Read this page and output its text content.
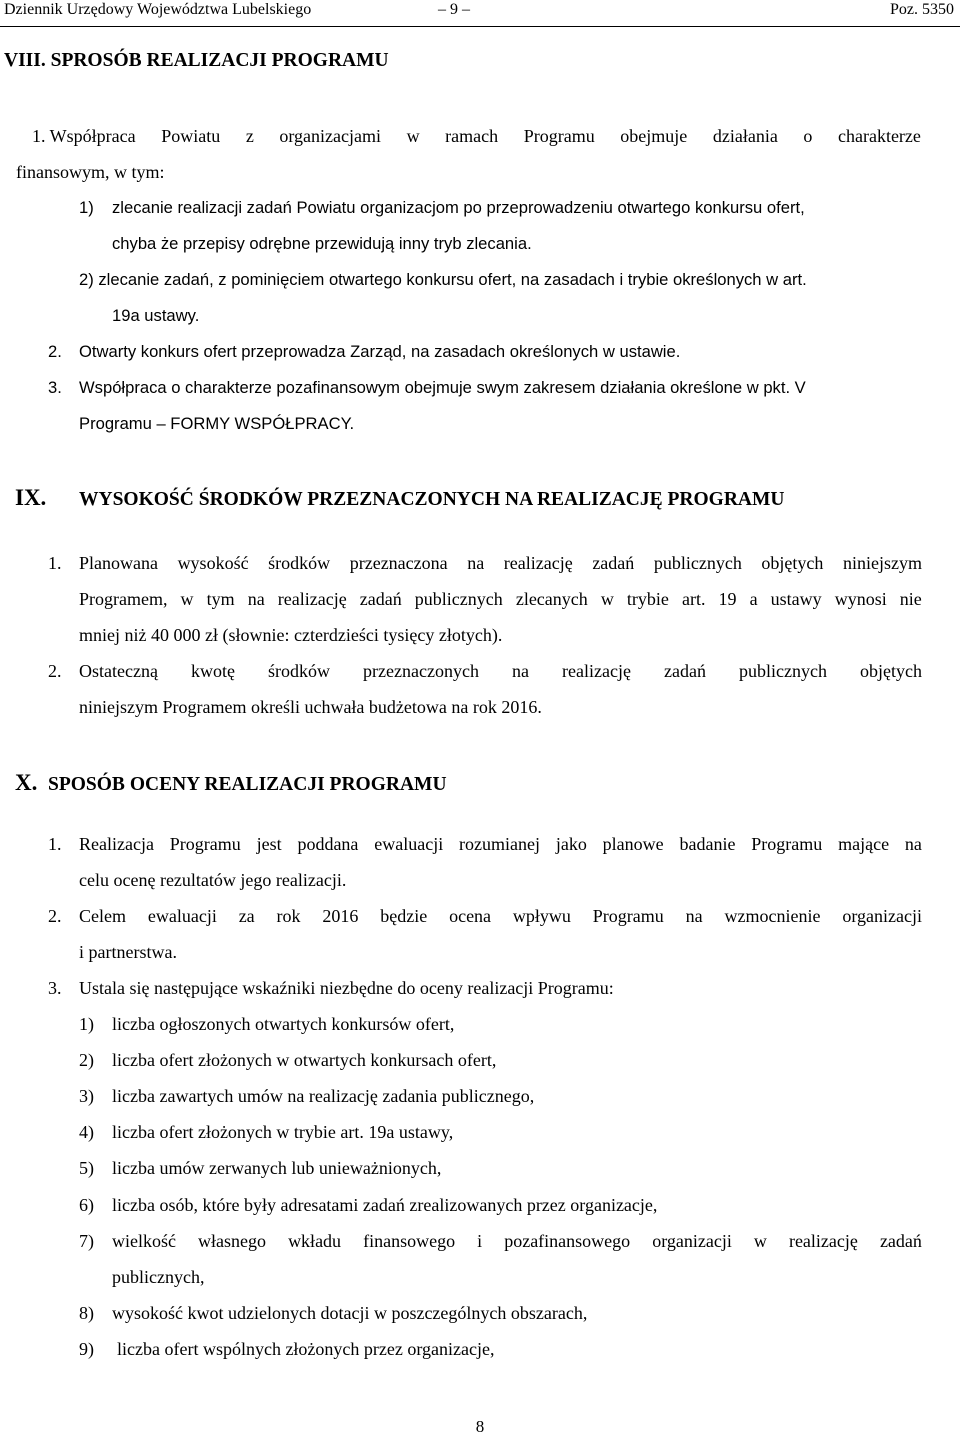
Dziennik Urzędowy Województwa Lubelskiego	– 9 –	Poz. 5350
VIII. SPROSÓB REALIZACJI PROGRAMU
1. Współpraca Powiatu z organizacjami w ramach Programu obejmuje działania o charakterze
finansowym, w tym:
1) zlecanie realizacji zadań Powiatu organizacjom po przeprowadzeniu otwartego konkursu ofert,
chyba że przepisy odrębne przewidują inny tryb zlecania.
2) zlecanie zadań, z pominięciem otwartego konkursu ofert, na zasadach i trybie określonych w art.
19a ustawy.
2. Otwarty konkurs ofert przeprowadza Zarząd, na zasadach określonych w ustawie.
3. Współpraca o charakterze pozafinansowym obejmuje swym zakresem działania określone w pkt. V
Programu – FORMY WSPÓŁPRACY.
IX. WYSOKOŚĆ ŚRODKÓW PRZEZNACZONYCH NA REALIZACJĘ PROGRAMU
1. Planowana wysokość środków przeznaczona na realizację zadań publicznych objętych niniejszym
Programem, w tym na realizację zadań publicznych zlecanych w trybie art. 19 a ustawy wynosi nie
mniej niż 40 000 zł (słownie: czterdzieści tysięcy złotych).
2. Ostateczną kwotę środków przeznaczonych na realizację zadań publicznych objętych
niniejszym Programem określi uchwała budżetowa na rok 2016.
X. SPOSÓB OCENY REALIZACJI PROGRAMU
1. Realizacja Programu jest poddana ewaluacji rozumianej jako planowe badanie Programu mające na
celu ocenę rezultatów jego realizacji.
2. Celem ewaluacji za rok 2016 będzie ocena wpływu Programu na wzmocnienie organizacji
i partnerstwa.
3. Ustala się następujące wskaźniki niezbędne do oceny realizacji Programu:
1) liczba ogłoszonych otwartych konkursów ofert,
2) liczba ofert złożonych w otwartych konkursach ofert,
3) liczba zawartych umów na realizację zadania publicznego,
4) liczba ofert złożonych w trybie art. 19a ustawy,
5) liczba umów zerwanych lub unieważnionych,
6) liczba osób, które były adresatami zadań zrealizowanych przez organizacje,
7) wielkość własnego wkładu finansowego i pozafinansowego organizacji w realizację zadań
publicznych,
8) wysokość kwot udzielonych dotacji w poszczególnych obszarach,
9) liczba ofert wspólnych złożonych przez organizacje,
8
